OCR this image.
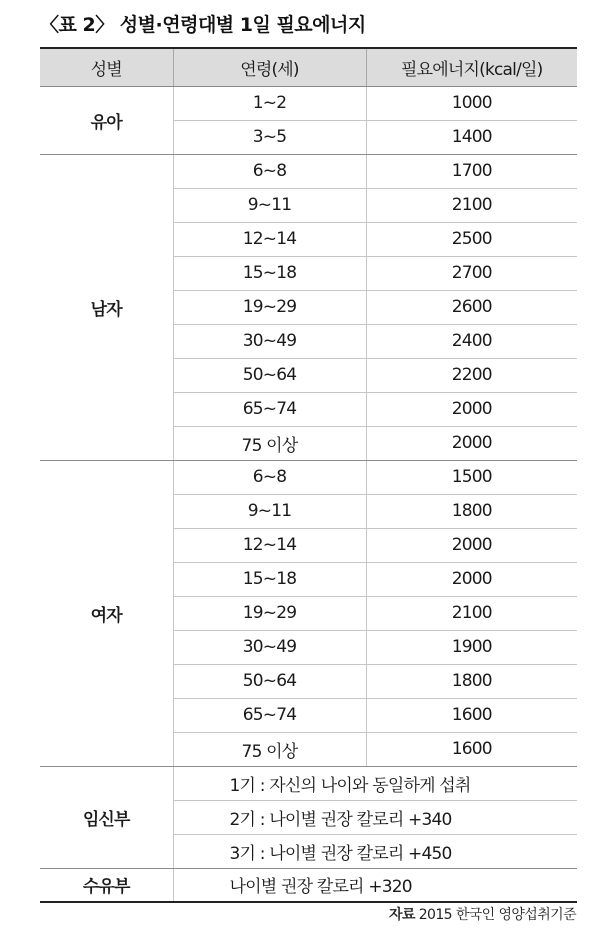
〈표 2〉 성별·연령대별 1일 필요에너지
성별	연령(세)	필요에너지(kcal/일)
유아	1~2	1000
	3~5	1400
남자	6~8	1700
	9~11	2100
	12~14	2500
	15~18	2700
	19~29	2600
	30~49	2400
	50~64	2200
	65~74	2000
	75 이상	2000
여자	6~8	1500
	9~11	1800
	12~14	2000
	15~18	2000
	19~29	2100
	30~49	1900
	50~64	1800
	65~74	1600
	75 이상	1600
임신부	1기 : 자신의 나이와 동일하게 섭취	
	2기 : 나이별 권장 칼로리 +340	
	3기 : 나이별 권장 칼로리 +450	
수유부	나이별 권장 칼로리 +320	
자료 2015 한국인 영양섭취기준
